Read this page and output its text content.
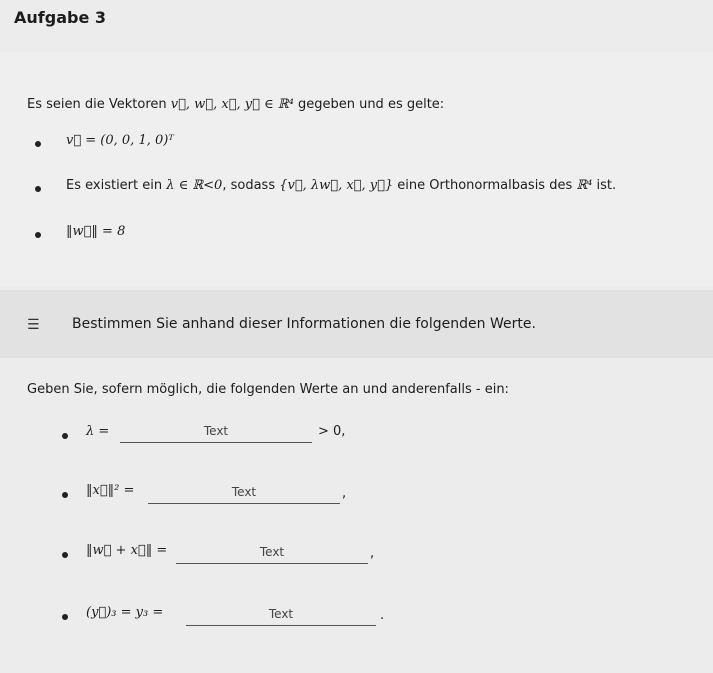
Aufgabe 3
Es seien die Vektoren v⃗, w⃗, x⃗, y⃗ ∈ ℝ⁴ gegeben und es gelte:
v⃗ = (0, 0, 1, 0)ᵀ
Es existiert ein λ ∈ ℝ<0, sodass {v⃗, λw⃗, x⃗, y⃗} eine Orthonormalbasis des ℝ⁴ ist.
‖w⃗‖ = 8
☰ Bestimmen Sie anhand dieser Informationen die folgenden Werte.
Geben Sie, sofern möglich, die folgenden Werte an und anderenfalls - ein:
λ =	Text	> 0,
‖x⃗‖² =	Text	,
‖w⃗ + x⃗‖ =	Text	,
(y⃗)₃ = y₃ =	Text	.
